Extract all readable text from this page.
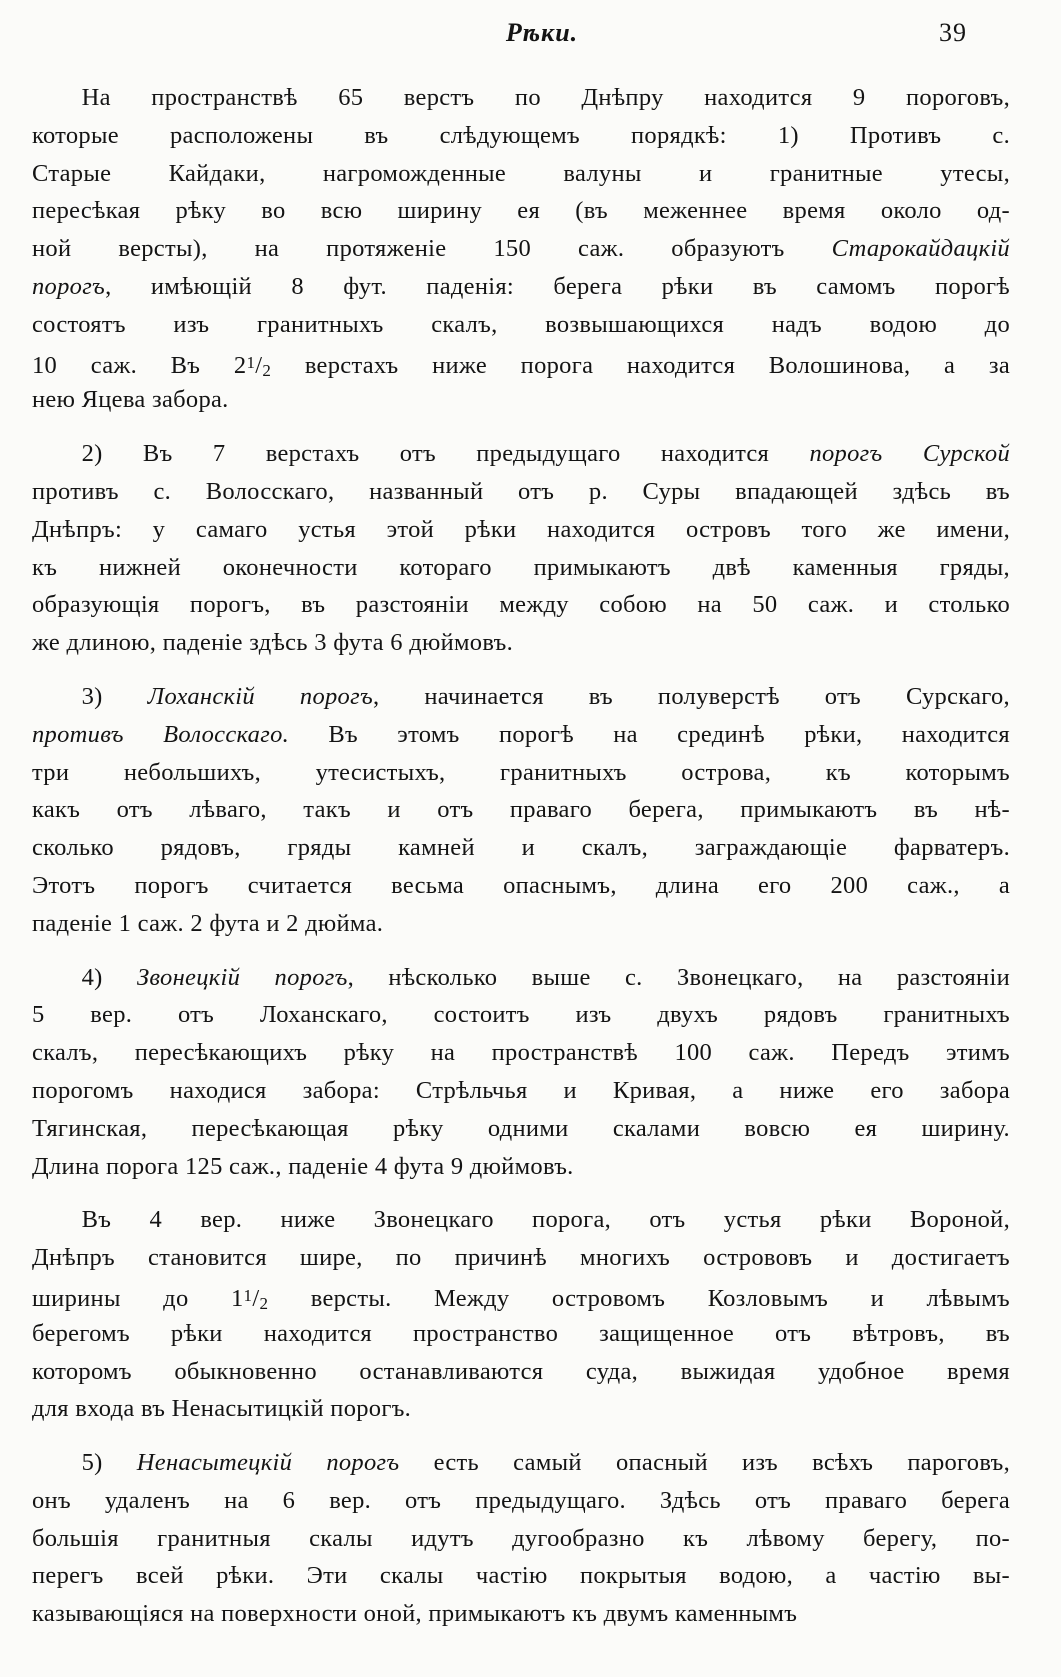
Рѣки.	39
  На пространствѣ 65 верстъ по Днѣпру находится 9 пороговъ,
которые расположены въ слѣдующемъ порядкѣ: 1) Противъ с.
Старые Кайдаки, нагроможденные валуны и гранитные утесы,
пересѣкая рѣку во всю ширину ея (въ меженнее время около од-
ной версты), на протяженіе 150 саж. образуютъ Старокайдацкій
порогъ, имѣющій 8 фут. паденія: берега рѣки въ самомъ порогѣ
состоятъ изъ гранитныхъ скалъ, возвышающихся надъ водою до
10 саж. Въ $2^1/2$ верстахъ ниже порога находится Волошинова, а за
нею Яцева забора.
  2) Въ 7 верстахъ отъ предыдущаго находится порогъ Сурской
противъ с. Волосскаго, названный отъ р. Суры впадающей здѣсь въ
Днѣпръ: у самаго устья этой рѣки находится островъ того же имени,
къ нижней оконечности котораго примыкаютъ двѣ каменныя гряды,
образующія порогъ, въ разстояніи между собою на 50 саж. и столько
же длиною, паденіе здѣсь 3 фута 6 дюймовъ.
  3) Лоханскій порогъ, начинается въ полуверстѣ отъ Сурскаго,
противъ Волосскаго. Въ этомъ порогѣ на срединѣ рѣки, находится
три небольшихъ, утесистыхъ, гранитныхъ острова, къ которымъ
какъ отъ лѣваго, такъ и отъ праваго берега, примыкаютъ въ нѣ-
сколько рядовъ, гряды камней и скалъ, заграждающіе фарватеръ.
Этотъ порогъ считается весьма опаснымъ, длина его 200 саж., а
паденіе 1 саж. 2 фута и 2 дюйма.
  4) Звонецкій порогъ, нѣсколько выше с. Звонецкаго, на разстояніи
5 вер. отъ Лоханскаго, состоитъ изъ двухъ рядовъ гранитныхъ
скалъ, пересѣкающихъ рѣку на пространствѣ 100 саж. Передъ этимъ
порогомъ находися забора: Стрѣльчья и Кривая, а ниже его забора
Тягинская, пересѣкающая рѣку одними скалами вовсю ея ширину.
Длина порога 125 саж., паденіе 4 фута 9 дюймовъ.
  Въ 4 вер. ниже Звонецкаго порога, отъ устья рѣки Вороной,
Днѣпръ становится шире, по причинѣ многихъ острововъ и достигаетъ
ширины до $1^1/2$ версты. Между островомъ Козловымъ и лѣвымъ
берегомъ рѣки находится пространство защищенное отъ вѣтровъ, въ
которомъ обыкновенно останавливаются суда, выжидая удобное время
для входа въ Ненасытицкій порогъ.
  5) Ненасытецкій порогъ есть самый опасный изъ всѣхъ пароговъ,
онъ удаленъ на 6 вер. отъ предыдущаго. Здѣсь отъ праваго берега
большія гранитныя скалы идутъ дугообразно къ лѣвому берегу, по-
перегъ всей рѣки. Эти скалы частію покрытыя водою, а частію вы-
казывающіяся на поверхности оной, примыкаютъ къ двумъ каменнымъ
